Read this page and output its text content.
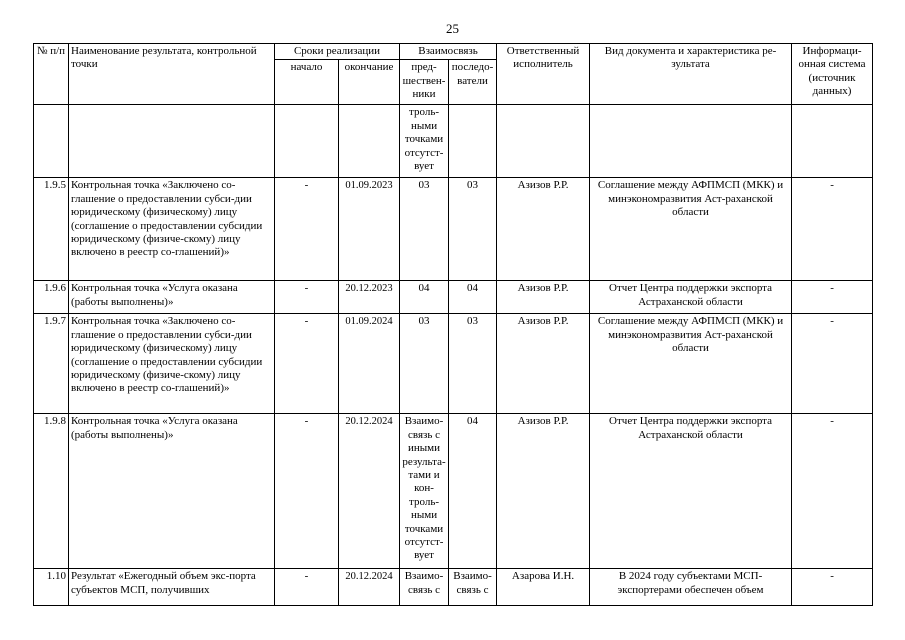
25
№ п/п	Наименование результата, контрольной точки	Сроки реализации		Взаимосвязь		Ответственный исполнитель	Вид документа и характеристика ре-зультата	Информаци-онная система (источник данных)
		начало	окончание	пред-шествен-ники	последо-ватели			
				троль-ными точками отсутст-вует				
1.9.5	Контрольная точка «Заключено со-глашение о предоставлении субси-дии юридическому (физическому) лицу (соглашение о предоставлении субсидии юридическому (физиче-скому) лицу включено в реестр со-глашений)»	-	01.09.2023	03	03	Азизов Р.Р.	Соглашение между АФПМСП (МКК) и минэкономразвития Аст-раханской области	-
1.9.6	Контрольная точка «Услуга оказана (работы выполнены)»	-	20.12.2023	04	04	Азизов Р.Р.	Отчет Центра поддержки экспорта Астраханской области	-
1.9.7	Контрольная точка «Заключено со-глашение о предоставлении субси-дии юридическому (физическому) лицу (соглашение о предоставлении субсидии юридическому (физиче-скому) лицу включено в реестр со-глашений)»	-	01.09.2024	03	03	Азизов Р.Р.	Соглашение между АФПМСП (МКК) и минэкономразвития Аст-раханской области	-
1.9.8	Контрольная точка «Услуга оказана (работы выполнены)»	-	20.12.2024	Взаимо-связь с иными результа-тами и кон-троль-ными точками отсутст-вует	04	Азизов Р.Р.	Отчет Центра поддержки экспорта Астраханской области	-

1.10	Результат «Ежегодный объем экс-порта субъектов МСП, получивших	-	20.12.2024	Взаимо-связь с	Взаимо-связь с	Азарова И.Н.	В 2024 году субъектами МСП-экспортерами обеспечен объем	-
